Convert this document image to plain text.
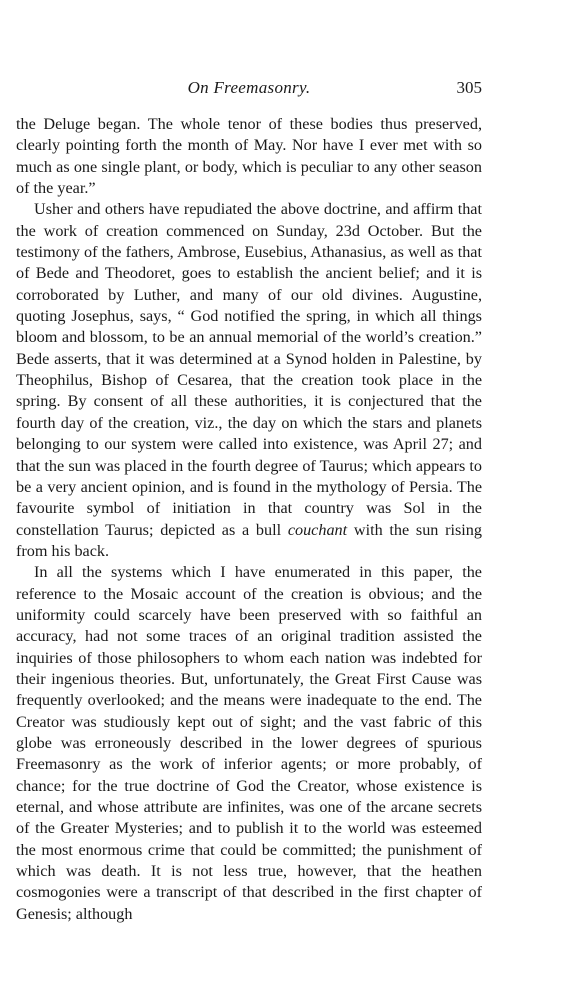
On Freemasonry.	305

the Deluge began. The whole tenor of these bodies thus preserved, clearly pointing forth the month of May. Nor have I ever met with so much as one single plant, or body, which is peculiar to any other season of the year.”

Usher and others have repudiated the above doctrine, and affirm that the work of creation commenced on Sunday, 23d October. But the testimony of the fathers, Ambrose, Eusebius, Athanasius, as well as that of Bede and Theodoret, goes to establish the ancient belief; and it is corroborated by Luther, and many of our old divines. Augustine, quoting Josephus, says, “ God notified the spring, in which all things bloom and blossom, to be an annual memorial of the world’s creation.” Bede asserts, that it was determined at a Synod holden in Palestine, by Theophilus, Bishop of Cesarea, that the creation took place in the spring. By consent of all these authorities, it is conjectured that the fourth day of the creation, viz., the day on which the stars and planets belonging to our system were called into existence, was April 27; and that the sun was placed in the fourth degree of Taurus; which appears to be a very ancient opinion, and is found in the mythology of Persia. The favourite symbol of initiation in that country was Sol in the constellation Taurus; depicted as a bull couchant with the sun rising from his back.

In all the systems which I have enumerated in this paper, the reference to the Mosaic account of the creation is obvious; and the uniformity could scarcely have been preserved with so faithful an accuracy, had not some traces of an original tradition assisted the inquiries of those philosophers to whom each nation was indebted for their ingenious theories. But, unfortunately, the Great First Cause was frequently overlooked; and the means were inadequate to the end. The Creator was studiously kept out of sight; and the vast fabric of this globe was erroneously described in the lower degrees of spurious Freemasonry as the work of inferior agents; or more probably, of chance; for the true doctrine of God the Creator, whose existence is eternal, and whose attribute are infinites, was one of the arcane secrets of the Greater Mysteries; and to publish it to the world was esteemed the most enormous crime that could be committed; the punishment of which was death. It is not less true, however, that the heathen cosmogonies were a transcript of that described in the first chapter of Genesis; although
